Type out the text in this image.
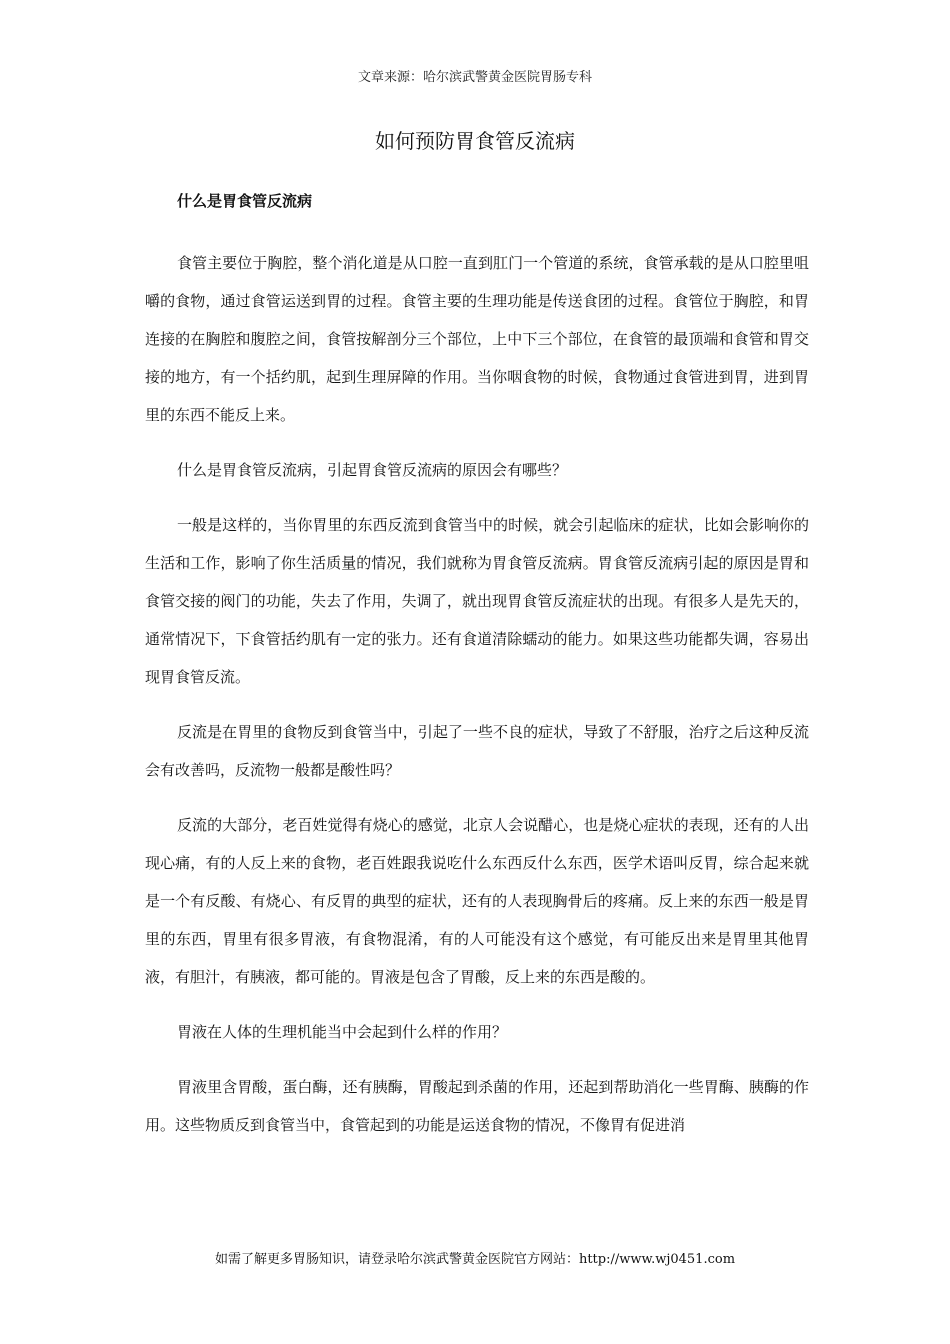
文章来源：哈尔滨武警黄金医院胃肠专科
如何预防胃食管反流病
什么是胃食管反流病

食管主要位于胸腔，整个消化道是从口腔一直到肛门一个管道的系统，食管承载的是从口腔里咀嚼的食物，通过食管运送到胃的过程。食管主要的生理功能是传送食团的过程。食管位于胸腔，和胃连接的在胸腔和腹腔之间，食管按解剖分三个部位，上中下三个部位，在食管的最顶端和食管和胃交接的地方，有一个括约肌，起到生理屏障的作用。当你咽食物的时候，食物通过食管进到胃，进到胃里的东西不能反上来。

什么是胃食管反流病，引起胃食管反流病的原因会有哪些？

一般是这样的，当你胃里的东西反流到食管当中的时候，就会引起临床的症状，比如会影响你的生活和工作，影响了你生活质量的情况，我们就称为胃食管反流病。胃食管反流病引起的原因是胃和食管交接的阀门的功能，失去了作用，失调了，就出现胃食管反流症状的出现。有很多人是先天的，通常情况下，下食管括约肌有一定的张力。还有食道清除蠕动的能力。如果这些功能都失调，容易出现胃食管反流。

反流是在胃里的食物反到食管当中，引起了一些不良的症状，导致了不舒服，治疗之后这种反流会有改善吗，反流物一般都是酸性吗？

反流的大部分，老百姓觉得有烧心的感觉，北京人会说醋心，也是烧心症状的表现，还有的人出现心痛，有的人反上来的食物，老百姓跟我说吃什么东西反什么东西，医学术语叫反胃，综合起来就是一个有反酸、有烧心、有反胃的典型的症状，还有的人表现胸骨后的疼痛。反上来的东西一般是胃里的东西，胃里有很多胃液，有食物混淆，有的人可能没有这个感觉，有可能反出来是胃里其他胃液，有胆汁，有胰液，都可能的。胃液是包含了胃酸，反上来的东西是酸的。

胃液在人体的生理机能当中会起到什么样的作用？

胃液里含胃酸，蛋白酶，还有胰酶，胃酸起到杀菌的作用，还起到帮助消化一些胃酶、胰酶的作用。这些物质反到食管当中，食管起到的功能是运送食物的情况，不像胃有促进消

如需了解更多胃肠知识，请登录哈尔滨武警黄金医院官方网站：http://www.wj0451.com
